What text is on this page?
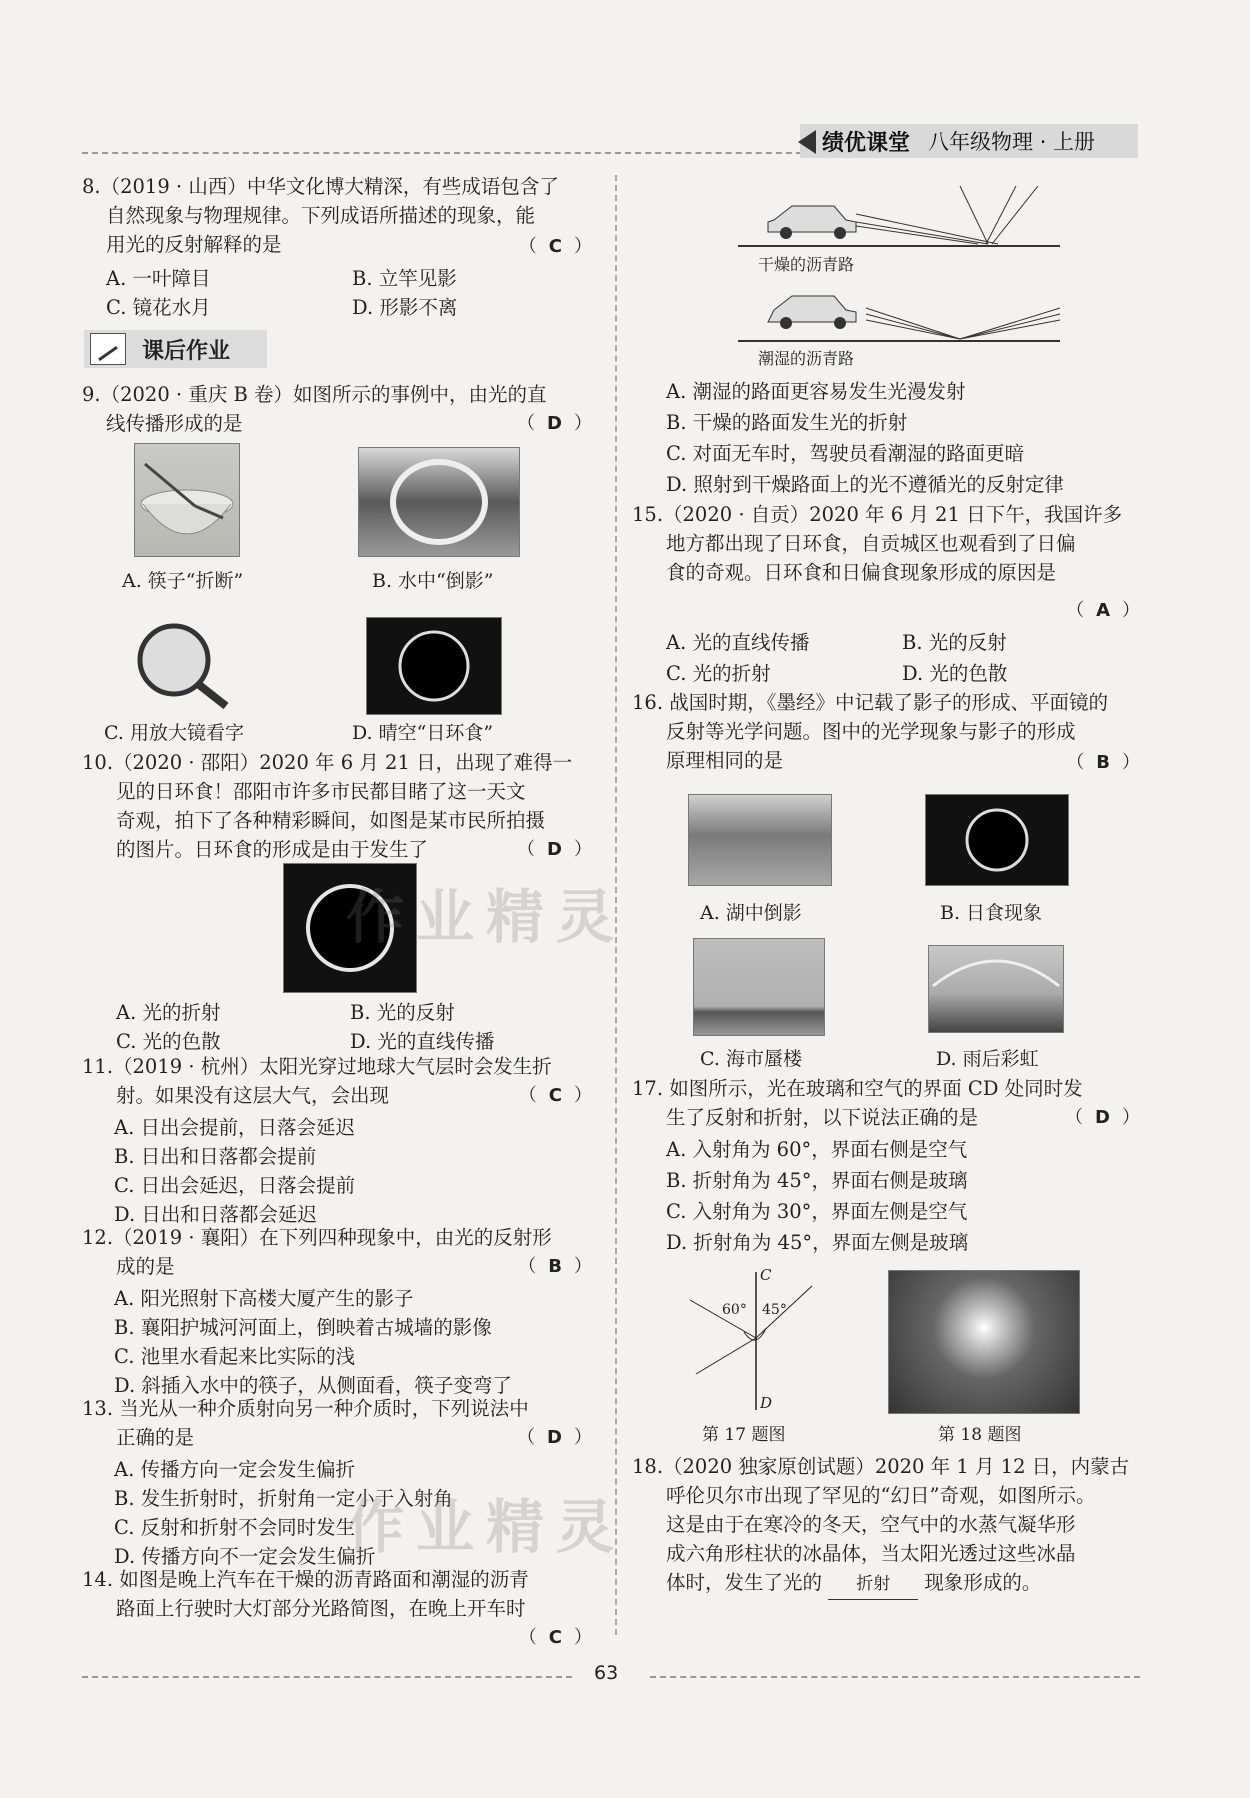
绩优课堂 八年级物理 · 上册

8.（2019 · 山西）中华文化博大精深，有些成语包含了

自然现象与物理规律。下列成语所描述的现象，能

用光的反射解释的是	（ C ）
A. 一叶障目	B. 立竿见影
C. 镜花水月	D. 形影不离
课后作业

9.（2020 · 重庆 B 卷）如图所示的事例中，由光的直

线传播形成的是	（ D ）
A. 筷子“折断”	B. 水中“倒影”
C. 用放大镜看字	D. 晴空“日环食”

10.（2020 · 邵阳）2020 年 6 月 21 日，出现了难得一

见的日环食！邵阳市许多市民都目睹了这一天文

奇观，拍下了各种精彩瞬间，如图是某市民所拍摄

的图片。日环食的形成是由于发生了	（ D ）
A. 光的折射	B. 光的反射
C. 光的色散	D. 光的直线传播

11.（2019 · 杭州）太阳光穿过地球大气层时会发生折

射。如果没有这层大气，会出现	（ C ）
A. 日出会提前，日落会延迟
B. 日出和日落都会提前
C. 日出会延迟，日落会提前
D. 日出和日落都会延迟

12.（2019 · 襄阳）在下列四种现象中，由光的反射形

成的是	（ B ）
A. 阳光照射下高楼大厦产生的影子
B. 襄阳护城河河面上，倒映着古城墙的影像
C. 池里水看起来比实际的浅
D. 斜插入水中的筷子，从侧面看，筷子变弯了

13. 当光从一种介质射向另一种介质时，下列说法中

正确的是	（ D ）
A. 传播方向一定会发生偏折
B. 发生折射时，折射角一定小于入射角
C. 反射和折射不会同时发生
D. 传播方向不一定会发生偏折

14. 如图是晚上汽车在干燥的沥青路面和潮湿的沥青

路面上行驶时大灯部分光路简图，在晚上开车时

（ C ）
干燥的沥青路
潮湿的沥青路
A. 潮湿的路面更容易发生光漫发射
B. 干燥的路面发生光的折射
C. 对面无车时，驾驶员看潮湿的路面更暗
D. 照射到干燥路面上的光不遵循光的反射定律

15.（2020 · 自贡）2020 年 6 月 21 日下午，我国许多

地方都出现了日环食，自贡城区也观看到了日偏

食的奇观。日环食和日偏食现象形成的原因是

（ A ）
A. 光的直线传播	B. 光的反射
C. 光的折射	D. 光的色散

16. 战国时期，《墨经》中记载了影子的形成、平面镜的

反射等光学问题。图中的光学现象与影子的形成

原理相同的是	（ B ）
A. 湖中倒影	B. 日食现象
C. 海市蜃楼	D. 雨后彩虹

17. 如图所示，光在玻璃和空气的界面 CD 处同时发

生了反射和折射，以下说法正确的是	（ D ）
A. 入射角为 60°，界面右侧是空气
B. 折射角为 45°，界面右侧是玻璃
C. 入射角为 30°，界面左侧是空气
D. 折射角为 45°，界面左侧是玻璃
C
D
60° 45°
第 17 题图	第 18 题图

18.（2020 独家原创试题）2020 年 1 月 12 日，内蒙古

呼伦贝尔市出现了罕见的“幻日”奇观，如图所示。

这是由于在寒冷的冬天，空气中的水蒸气凝华形

成六角形柱状的冰晶体，当太阳光透过这些冰晶

体时，发生了光的 折射 现象形成的。

作业精灵
作业精灵
63
